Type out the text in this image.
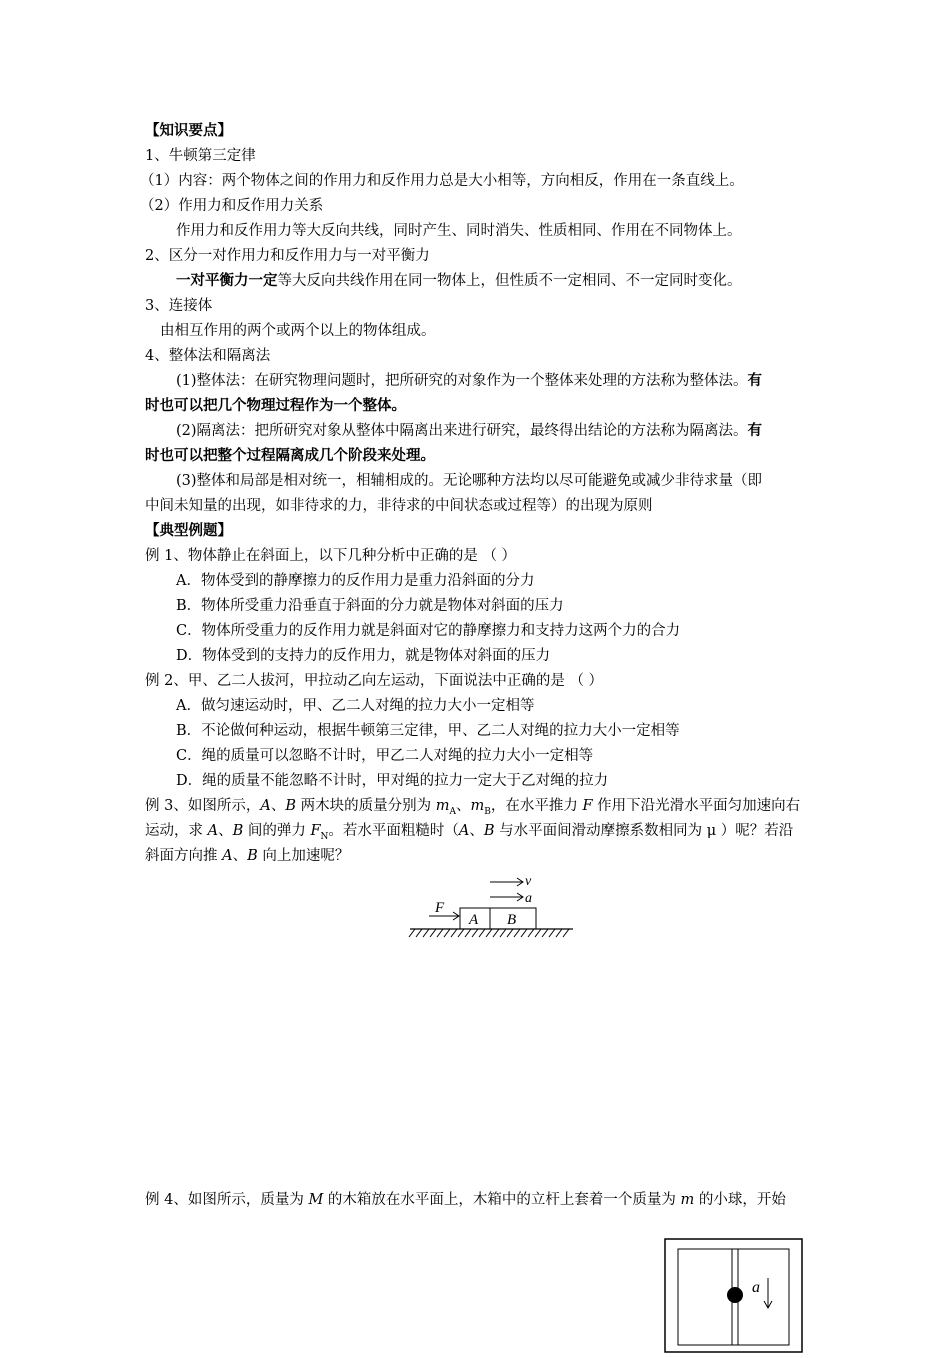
【知识要点】
1、牛顿第三定律
（1）内容：两个物体之间的作用力和反作用力总是大小相等，方向相反，作用在一条直线上。
（2）作用力和反作用力关系
作用力和反作用力等大反向共线，同时产生、同时消失、性质相同、作用在不同物体上。
2、区分一对作用力和反作用力与一对平衡力
一对平衡力一定等大反向共线作用在同一物体上，但性质不一定相同、不一定同时变化。
3、连接体
由相互作用的两个或两个以上的物体组成。
4、整体法和隔离法
(1)整体法：在研究物理问题时，把所研究的对象作为一个整体来处理的方法称为整体法。有
时也可以把几个物理过程作为一个整体。
(2)隔离法：把所研究对象从整体中隔离出来进行研究，最终得出结论的方法称为隔离法。有
时也可以把整个过程隔离成几个阶段来处理。
(3)整体和局部是相对统一，相辅相成的。无论哪种方法均以尽可能避免或减少非待求量（即
中间未知量的出现，如非待求的力，非待求的中间状态或过程等）的出现为原则
【典型例题】
例 1、物体静止在斜面上，以下几种分析中正确的是 （ ）
A．物体受到的静摩擦力的反作用力是重力沿斜面的分力
B．物体所受重力沿垂直于斜面的分力就是物体对斜面的压力
C．物体所受重力的反作用力就是斜面对它的静摩擦力和支持力这两个力的合力
D．物体受到的支持力的反作用力，就是物体对斜面的压力
例 2、甲、乙二人拔河，甲拉动乙向左运动，下面说法中正确的是 （ ）
A．做匀速运动时，甲、乙二人对绳的拉力大小一定相等
B．不论做何种运动，根据牛顿第三定律，甲、乙二人对绳的拉力大小一定相等
C．绳的质量可以忽略不计时，甲乙二人对绳的拉力大小一定相等
D．绳的质量不能忽略不计时，甲对绳的拉力一定大于乙对绳的拉力
例 3、如图所示，A、B 两木块的质量分别为 $m_A$、$m_B$，在水平推力 F 作用下沿光滑水平面匀加速向右
运动，求 A、B 间的弹力 $F_N$。若水平面粗糙时（A、B 与水平面间滑动摩擦系数相同为 μ ）呢？若沿
斜面方向推 A、B 向上加速呢？
v
a
F
A B
例 4、如图所示，质量为 M 的木箱放在水平面上，木箱中的立杆上套着一个质量为 m 的小球，开始
a
